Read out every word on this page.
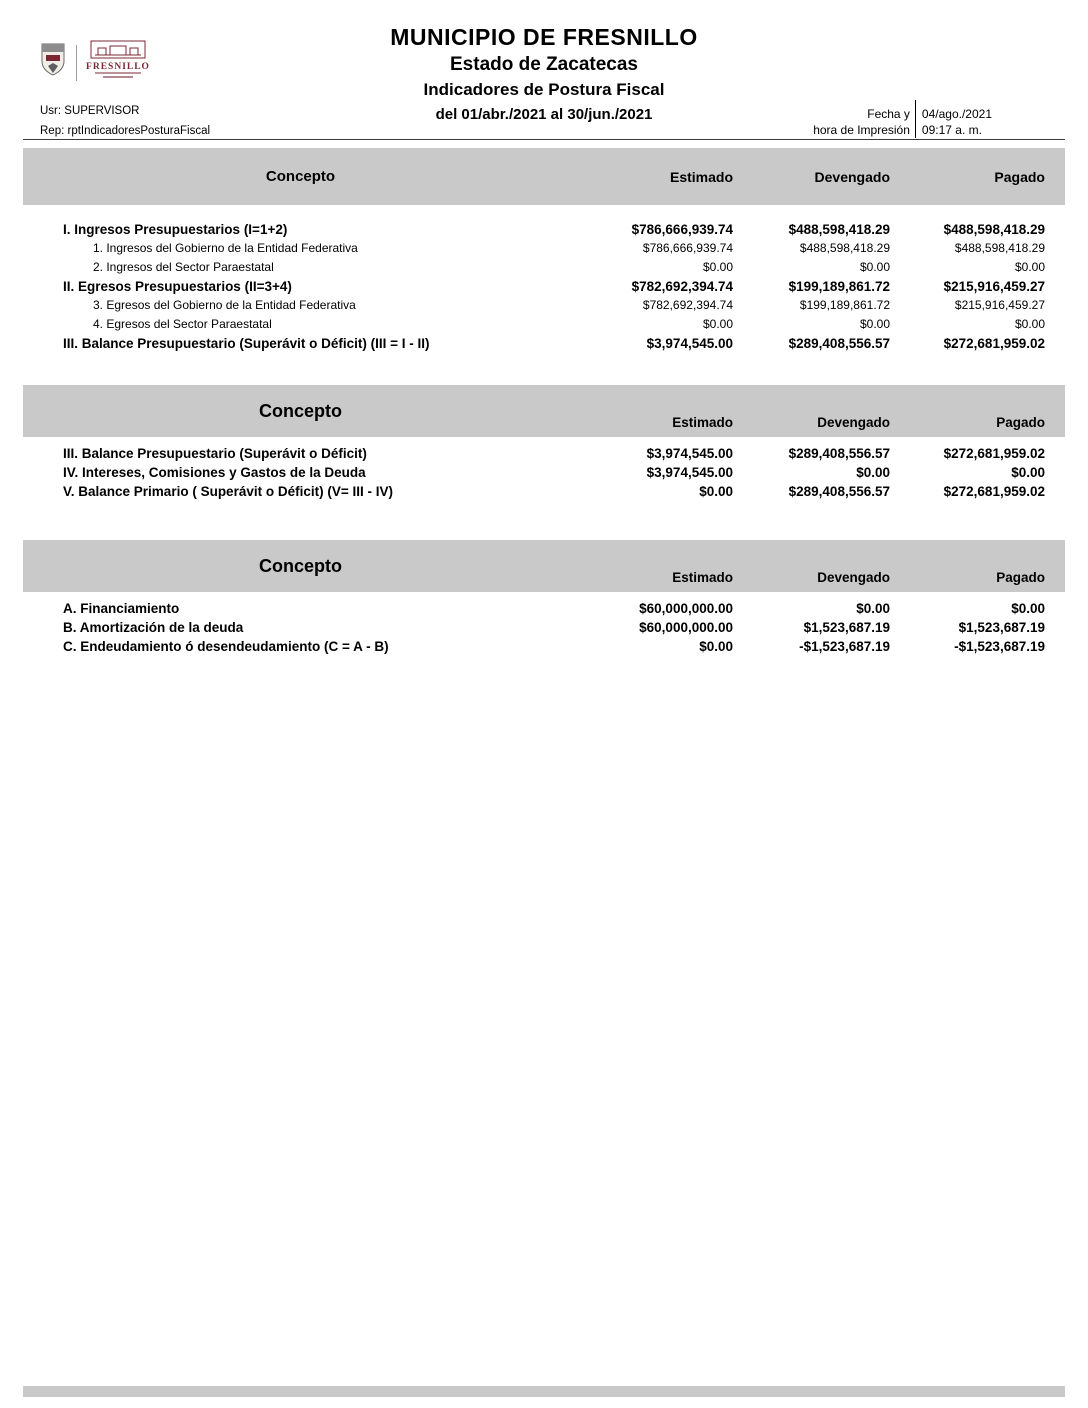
FRESNILLO
MUNICIPIO DE FRESNILLO
Estado de Zacatecas
Indicadores de Postura Fiscal
del 01/abr./2021 al 30/jun./2021
Usr: SUPERVISOR
Rep: rptIndicadoresPosturaFiscal
Fecha y
hora de Impresión
04/ago./2021
09:17 a. m.
Concepto	Estimado	Devengado	Pagado
I. Ingresos Presupuestarios (I=1+2)	$786,666,939.74	$488,598,418.29	$488,598,418.29
1. Ingresos del Gobierno de la Entidad Federativa	$786,666,939.74	$488,598,418.29	$488,598,418.29
2. Ingresos del Sector Paraestatal	$0.00	$0.00	$0.00
II. Egresos Presupuestarios (II=3+4)	$782,692,394.74	$199,189,861.72	$215,916,459.27
3. Egresos del Gobierno de la Entidad Federativa	$782,692,394.74	$199,189,861.72	$215,916,459.27
4. Egresos del Sector Paraestatal	$0.00	$0.00	$0.00
III. Balance Presupuestario (Superávit o Déficit) (III = I - II)	$3,974,545.00	$289,408,556.57	$272,681,959.02
Concepto
Estimado	Devengado	Pagado
III. Balance Presupuestario (Superávit o Déficit)	$3,974,545.00	$289,408,556.57	$272,681,959.02
IV. Intereses, Comisiones y Gastos de la Deuda	$3,974,545.00	$0.00	$0.00
V. Balance Primario ( Superávit o Déficit) (V= III - IV)	$0.00	$289,408,556.57	$272,681,959.02
Concepto
Estimado	Devengado	Pagado
A. Financiamiento	$60,000,000.00	$0.00	$0.00
B. Amortización de la deuda	$60,000,000.00	$1,523,687.19	$1,523,687.19
C. Endeudamiento ó desendeudamiento (C = A - B)	$0.00	-$1,523,687.19	-$1,523,687.19
